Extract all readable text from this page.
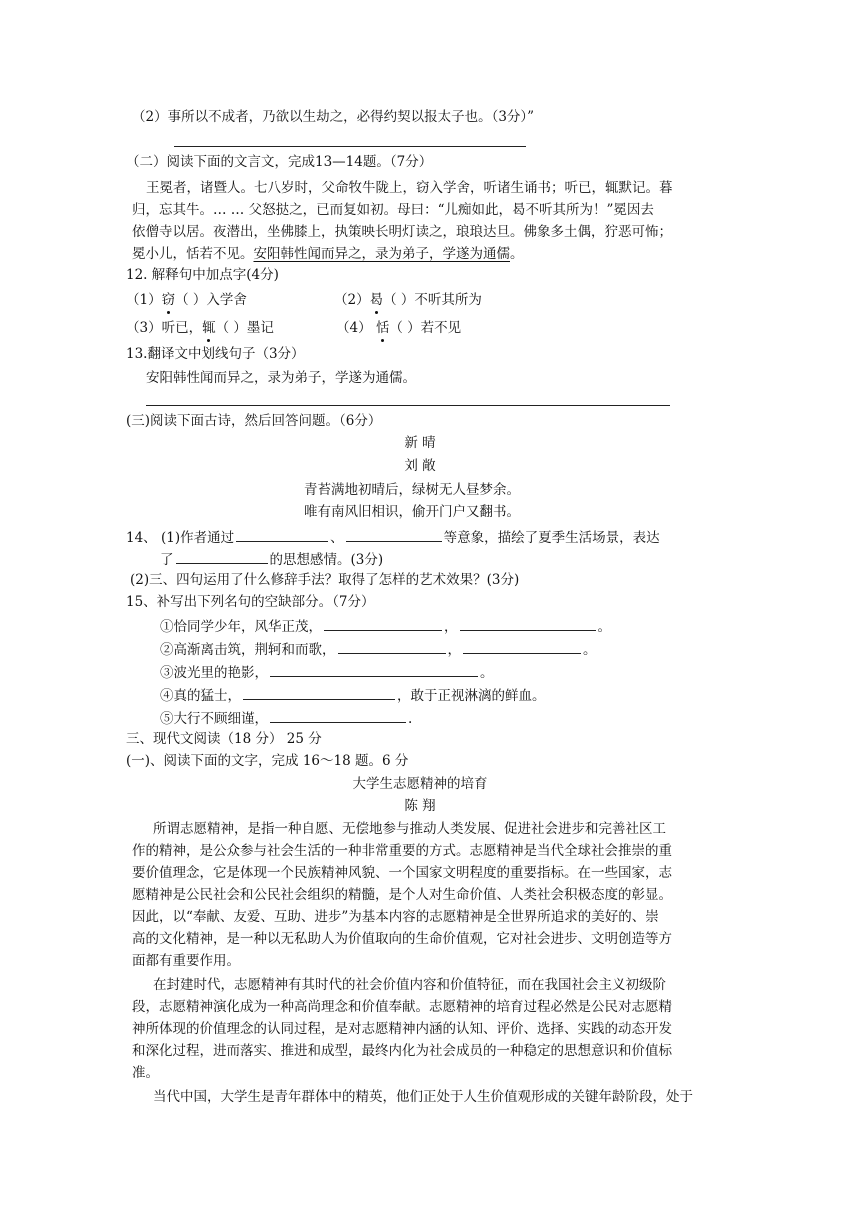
（2）事所以不成者，乃欲以生劫之，必得约契以报太子也。（3分）”
（二）阅读下面的文言文，完成13—14题。（7分）
王冕者，诸暨人。七八岁时，父命牧牛陇上，窃入学舍，听诸生诵书；听已，辄默记。暮
归，忘其牛。… … 父怒挞之，已而复如初。母曰：“儿痴如此，曷不听其所为！”冕因去
依僧寺以居。夜潜出，坐佛膝上，执策映长明灯读之，琅琅达旦。佛象多土偶，狞恶可怖；
冕小儿，恬若不见。安阳韩性闻而异之，录为弟子，学遂为通儒。
12. 解释句中加点字(4分)
（1）窃（ ）入学舍	（2）曷（ ）不听其所为
（3）听已，辄（ ）墨记	（4） 恬（ ）若不见
13.翻译文中划线句子（3分）
安阳韩性闻而异之，录为弟子，学遂为通儒。
(三)阅读下面古诗，然后回答问题。（6分）
新 晴
刘 敞
青苔满地初晴后，绿树无人昼梦余。
唯有南风旧相识，偷开门户又翻书。
14、 (1)作者通过	、	等意象，描绘了夏季生活场景，表达
了	的思想感情。(3分)
(2)三、四句运用了什么修辞手法？取得了怎样的艺术效果？(3分)
15、补写出下列名句的空缺部分。（7分）
①恰同学少年，风华正茂，	，	。
②高渐离击筑，荆轲和而歌，	，	。
③波光里的艳影，	。
④真的猛士，	，敢于正视淋漓的鲜血。
⑤大行不顾细谨，	.
三、现代文阅读（18 分） 25 分
(一)、阅读下面的文字，完成 16～18 题。6 分
大学生志愿精神的培育
陈 翔
所谓志愿精神，是指一种自愿、无偿地参与推动人类发展、促进社会进步和完善社区工
作的精神，是公众参与社会生活的一种非常重要的方式。志愿精神是当代全球社会推崇的重
要价值理念，它是体现一个民族精神风貌、一个国家文明程度的重要指标。在一些国家，志
愿精神是公民社会和公民社会组织的精髓，是个人对生命价值、人类社会积极态度的彰显。
因此，以“奉献、友爱、互助、进步”为基本内容的志愿精神是全世界所追求的美好的、崇
高的文化精神，是一种以无私助人为价值取向的生命价值观，它对社会进步、文明创造等方
面都有重要作用。
在封建时代，志愿精神有其时代的社会价值内容和价值特征，而在我国社会主义初级阶
段，志愿精神演化成为一种高尚理念和价值奉献。志愿精神的培育过程必然是公民对志愿精
神所体现的价值理念的认同过程，是对志愿精神内涵的认知、评价、选择、实践的动态开发
和深化过程，进而落实、推进和成型，最终内化为社会成员的一种稳定的思想意识和价值标
准。
当代中国，大学生是青年群体中的精英，他们正处于人生价值观形成的关键年龄阶段，处于
